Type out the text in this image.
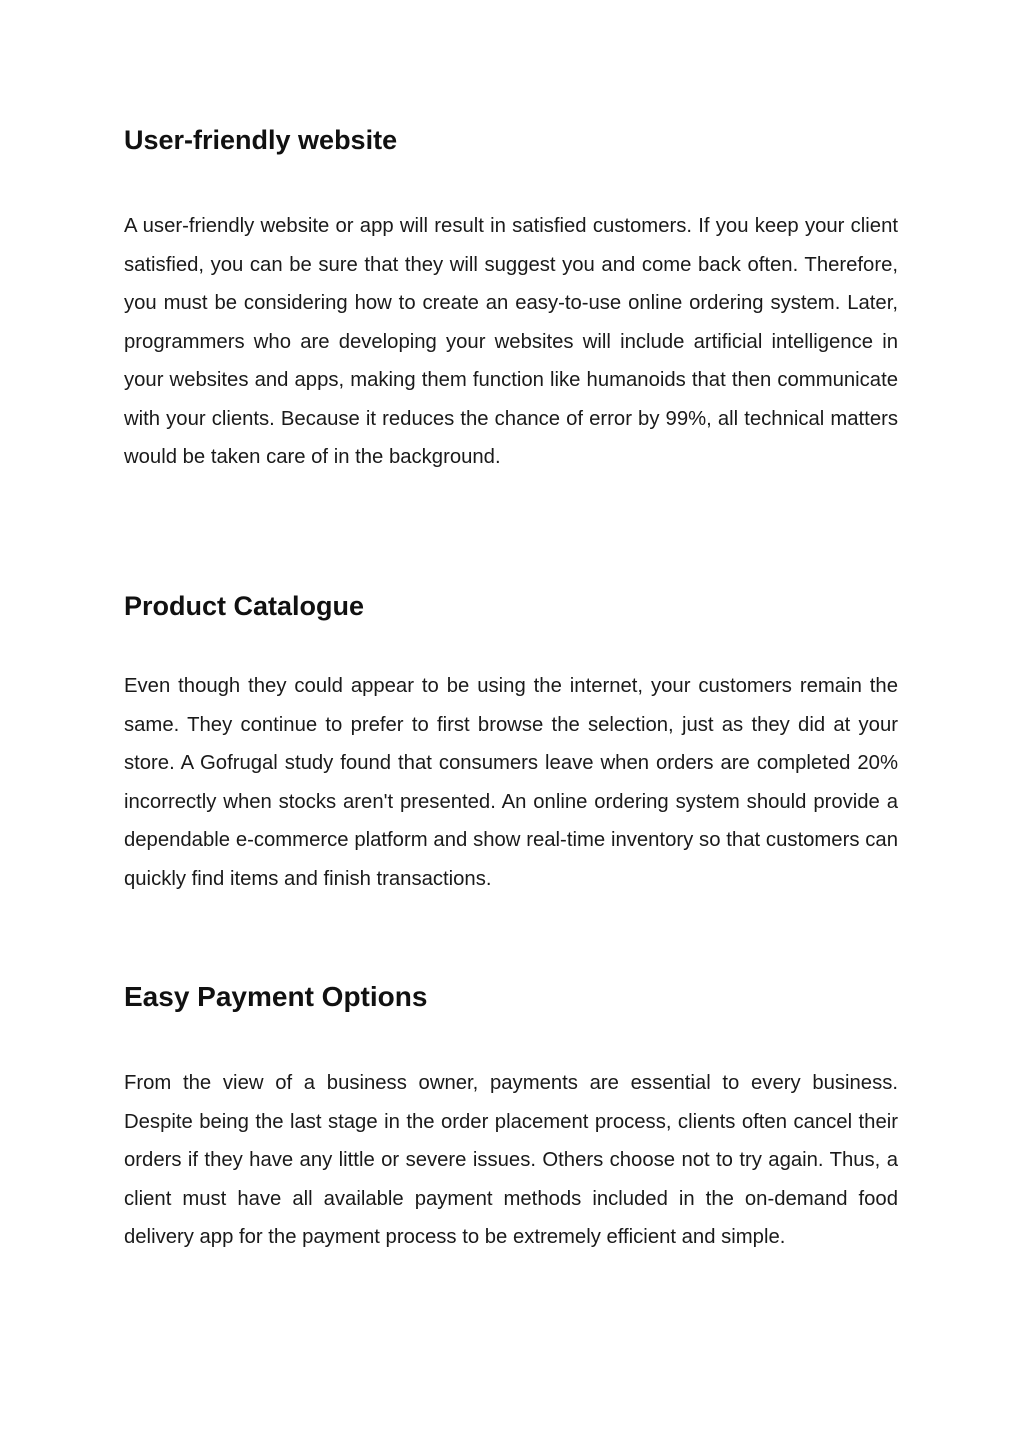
User-friendly website

A user-friendly website or app will result in satisfied customers. If you keep your client satisfied, you can be sure that they will suggest you and come back often. Therefore, you must be considering how to create an easy-to-use online ordering system. Later, programmers who are developing your websites will include artificial intelligence in your websites and apps, making them function like humanoids that then communicate with your clients. Because it reduces the chance of error by 99%, all technical matters would be taken care of in the background.

Product Catalogue

Even though they could appear to be using the internet, your customers remain the same. They continue to prefer to first browse the selection, just as they did at your store. A Gofrugal study found that consumers leave when orders are completed 20% incorrectly when stocks aren't presented. An online ordering system should provide a dependable e-commerce platform and show real-time inventory so that customers can quickly find items and finish transactions.

Easy Payment Options

From the view of a business owner, payments are essential to every business. Despite being the last stage in the order placement process, clients often cancel their orders if they have any little or severe issues. Others choose not to try again. Thus, a client must have all available payment methods included in the on-demand food delivery app for the payment process to be extremely efficient and simple.
